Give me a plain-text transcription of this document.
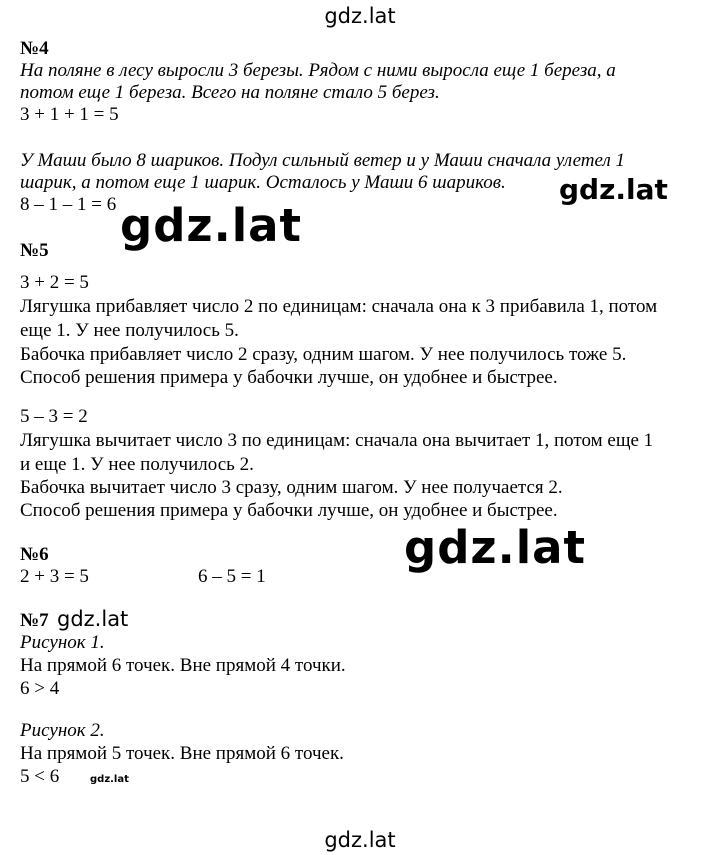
gdz.lat
№4
На поляне в лесу выросли 3 березы. Рядом с ними выросла еще 1 береза, а
потом еще 1 береза. Всего на поляне стало 5 берез.
3 + 1 + 1 = 5
У Маши было 8 шариков. Подул сильный ветер и у Маши сначала улетел 1
шарик, а потом еще 1 шарик. Осталось у Маши 6 шариков.
8 – 1 – 1 = 6	gdz.lat
gdz.lat
№5
3 + 2 = 5
Лягушка прибавляет число 2 по единицам: сначала она к 3 прибавила 1, потом
еще 1. У нее получилось 5.
Бабочка прибавляет число 2 сразу, одним шагом. У нее получилось тоже 5.
Способ решения примера у бабочки лучше, он удобнее и быстрее.
5 – 3 = 2
Лягушка вычитает число 3 по единицам: сначала она вычитает 1, потом еще 1
и еще 1. У нее получилось 2.
Бабочка вычитает число 3 сразу, одним шагом. У нее получается 2.
Способ решения примера у бабочки лучше, он удобнее и быстрее.
№6
2 + 3 = 5	6 – 5 = 1
gdz.lat
№7 gdz.lat
Рисунок 1.
На прямой 6 точек. Вне прямой 4 точки.
6 > 4
Рисунок 2.
На прямой 5 точек. Вне прямой 6 точек.
5 < 6	gdz.lat
gdz.lat
